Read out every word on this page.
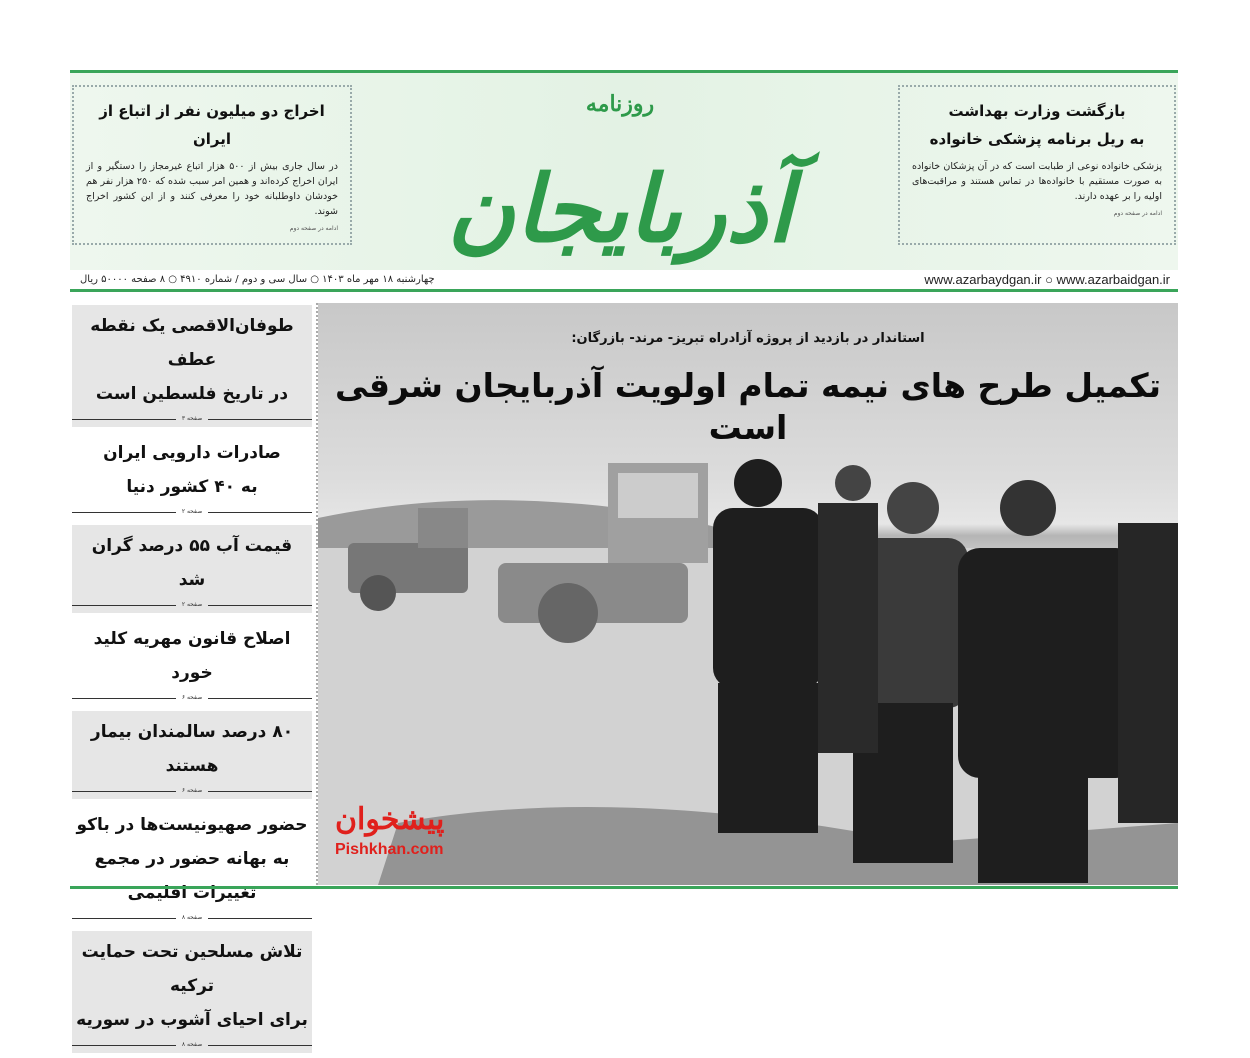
اخراج دو میلیون نفر از اتباع از ایران

در سال جاری بیش از ۵۰۰ هزار اتباع غیرمجاز را دستگیر و از ایران اخراج کرده‌اند و همین امر سبب شده که ۲۵۰ هزار نفر هم خودشان داوطلبانه خود را معرفی کنند و از این کشور اخراج شوند.

ادامه در صفحه دوم
روزنامه
آذربایجان
بازگشت وزارت بهداشت
به ریل برنامه پزشکی خانواده

پزشکی خانواده نوعی از طبابت است که در آن پزشکان خانواده به صورت مستقیم با خانواده‌ها در تماس هستند و مراقبت‌های اولیه را بر عهده دارند.

ادامه در صفحه دوم
چهارشنبه ۱۸ مهر ماه ۱۴۰۳ ○ سال سی و دوم / شماره ۴۹۱۰ ○ ۸ صفحه ۵۰۰۰۰ ریال	www.azarbaydgan.ir ○ www.azarbaidgan.ir
طوفان‌الاقصی یک نقطه عطف
در تاریخ فلسطین است
صفحه ۳
صادرات دارویی ایران
به ۴۰ کشور دنیا
صفحه ۲
قیمت آب ۵۵ درصد گران شد
صفحه ۲
اصلاح قانون مهریه کلید خورد
صفحه ۶
۸۰ درصد سالمندان بیمار هستند
صفحه ۶
حضور صهیونیست‌ها در باکو
به بهانه حضور در مجمع
تغییرات اقلیمی
صفحه ۸
تلاش مسلحین تحت حمایت ترکیه
برای احیای آشوب در سوریه
صفحه ۸
استاندار در بازدید از پروژه آزادراه تبریز- مرند- بازرگان:
تکمیل طرح های نیمه تمام اولویت آذربایجان شرقی است
پیشخوان
Pishkhan.com
